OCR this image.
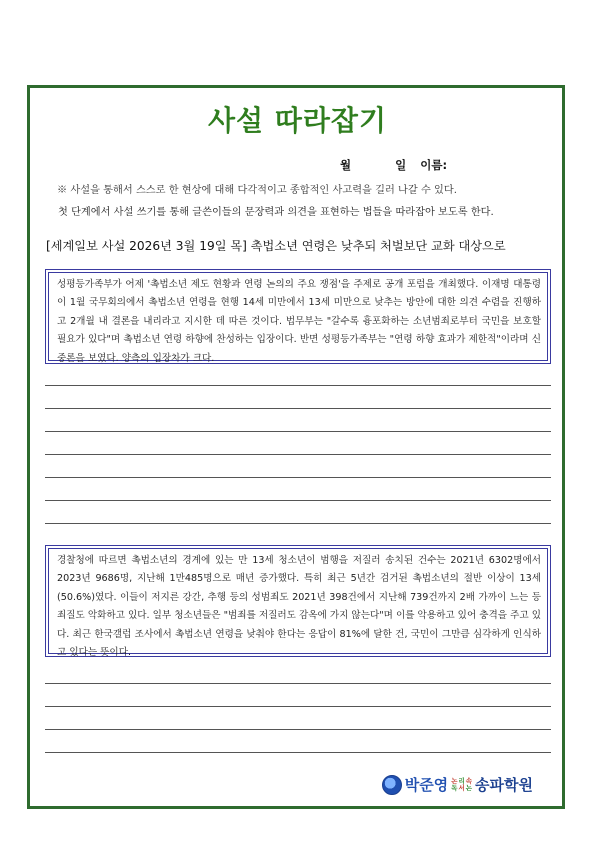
사설 따라잡기
월	일 이름:
※ 사설을 통해서 스스로 한 현상에 대해 다각적이고 종합적인 사고력을 길러 나갈 수 있다.
첫 단계에서 사설 쓰기를 통해 글쓴이들의 문장력과 의견을 표현하는 법들을 따라잡아 보도록 한다.
[세계일보 사설 2026년 3월 19일 목] 촉법소년 연령은 낮추되 처벌보단 교화 대상으로
성평등가족부가 어제 '촉법소년 제도 현황과 연령 논의의 주요 쟁점'을 주제로 공개 포럼을 개최했다. 이재명 대통령이 1월 국무회의에서 촉법소년 연령을 현행 14세 미만에서 13세 미만으로 낮추는 방안에 대한 의견 수렴을 진행하고 2개월 내 결론을 내리라고 지시한 데 따른 것이다. 법무부는 "갈수록 흉포화하는 소년범죄로부터 국민을 보호할 필요가 있다"며 촉법소년 연령 하향에 찬성하는 입장이다. 반면 성평등가족부는 "연령 하향 효과가 제한적"이라며 신중론을 보였다. 양측의 입장차가 크다.
경찰청에 따르면 촉법소년의 경계에 있는 만 13세 청소년이 범행을 저질러 송치된 건수는 2021년 6302명에서 2023년 9686명, 지난해 1만485명으로 매년 증가했다. 특히 최근 5년간 검거된 촉법소년의 절반 이상이 13세(50.6%)였다. 이들이 저지른 강간, 추행 등의 성범죄도 2021년 398건에서 지난해 739건까지 2배 가까이 느는 등 죄질도 악화하고 있다. 일부 청소년들은 "범죄를 저질러도 감옥에 가지 않는다"며 이를 악용하고 있어 충격을 주고 있다. 최근 한국갤럽 조사에서 촉법소년 연령을 낮춰야 한다는 응답이 81%에 달한 건, 국민이 그만큼 심각하게 인식하고 있다는 뜻이다.
박준영 논 리 속
독 서 논 송파학원
